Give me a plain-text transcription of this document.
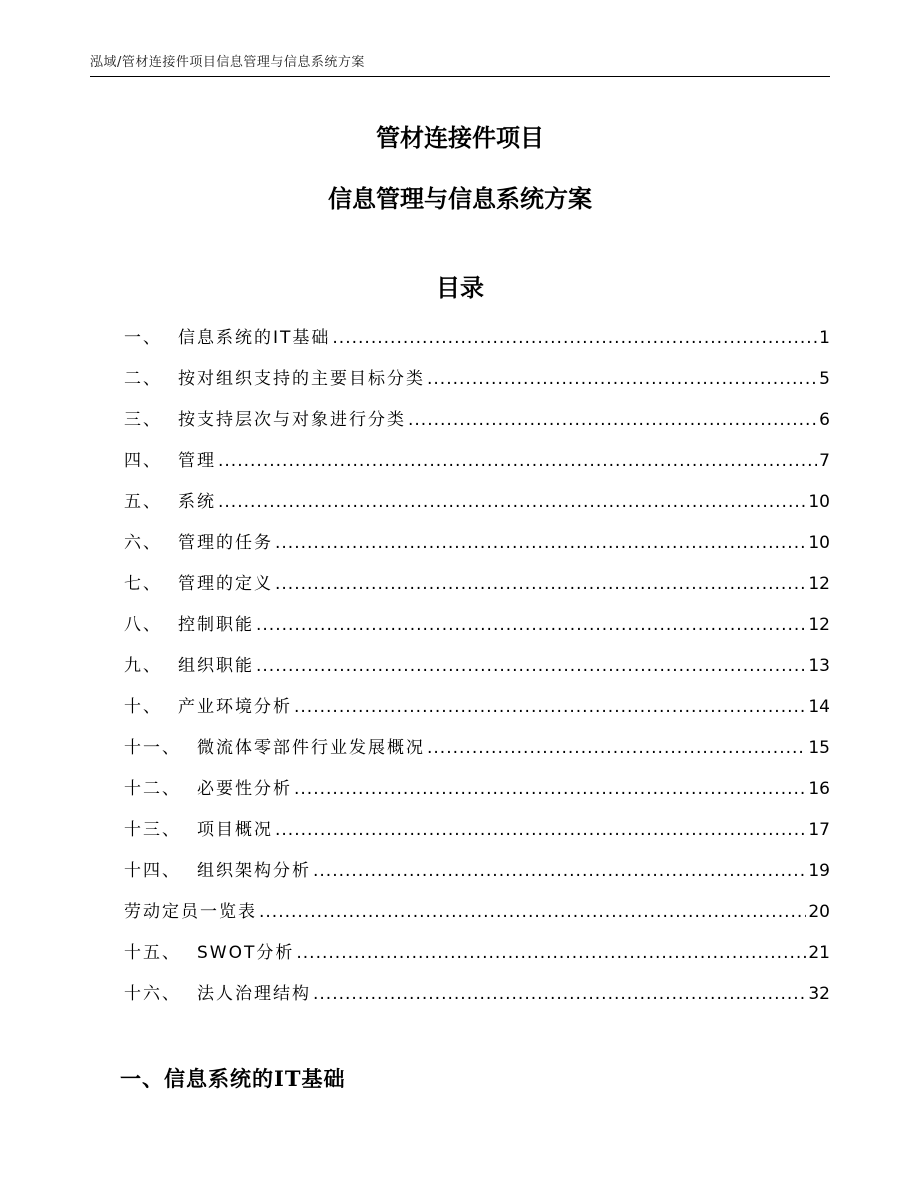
泓域/管材连接件项目信息管理与信息系统方案
管材连接件项目
信息管理与信息系统方案
目录
一、 信息系统的IT基础 .....	1
二、 按对组织支持的主要目标分类 .....	5
三、 按支持层次与对象进行分类 .....	6
四、 管理 .....	7
五、 系统 .....	10
六、 管理的任务 .....	10
七、 管理的定义 .....	12
八、 控制职能 .....	12
九、 组织职能 .....	13
十、 产业环境分析 .....	14
十一、 微流体零部件行业发展概况 .....	15
十二、 必要性分析 .....	16
十三、 项目概况 .....	17
十四、 组织架构分析 .....	19
劳动定员一览表 .....	20
十五、 SWOT分析 .....	21
十六、 法人治理结构 .....	32
一、信息系统的IT基础
